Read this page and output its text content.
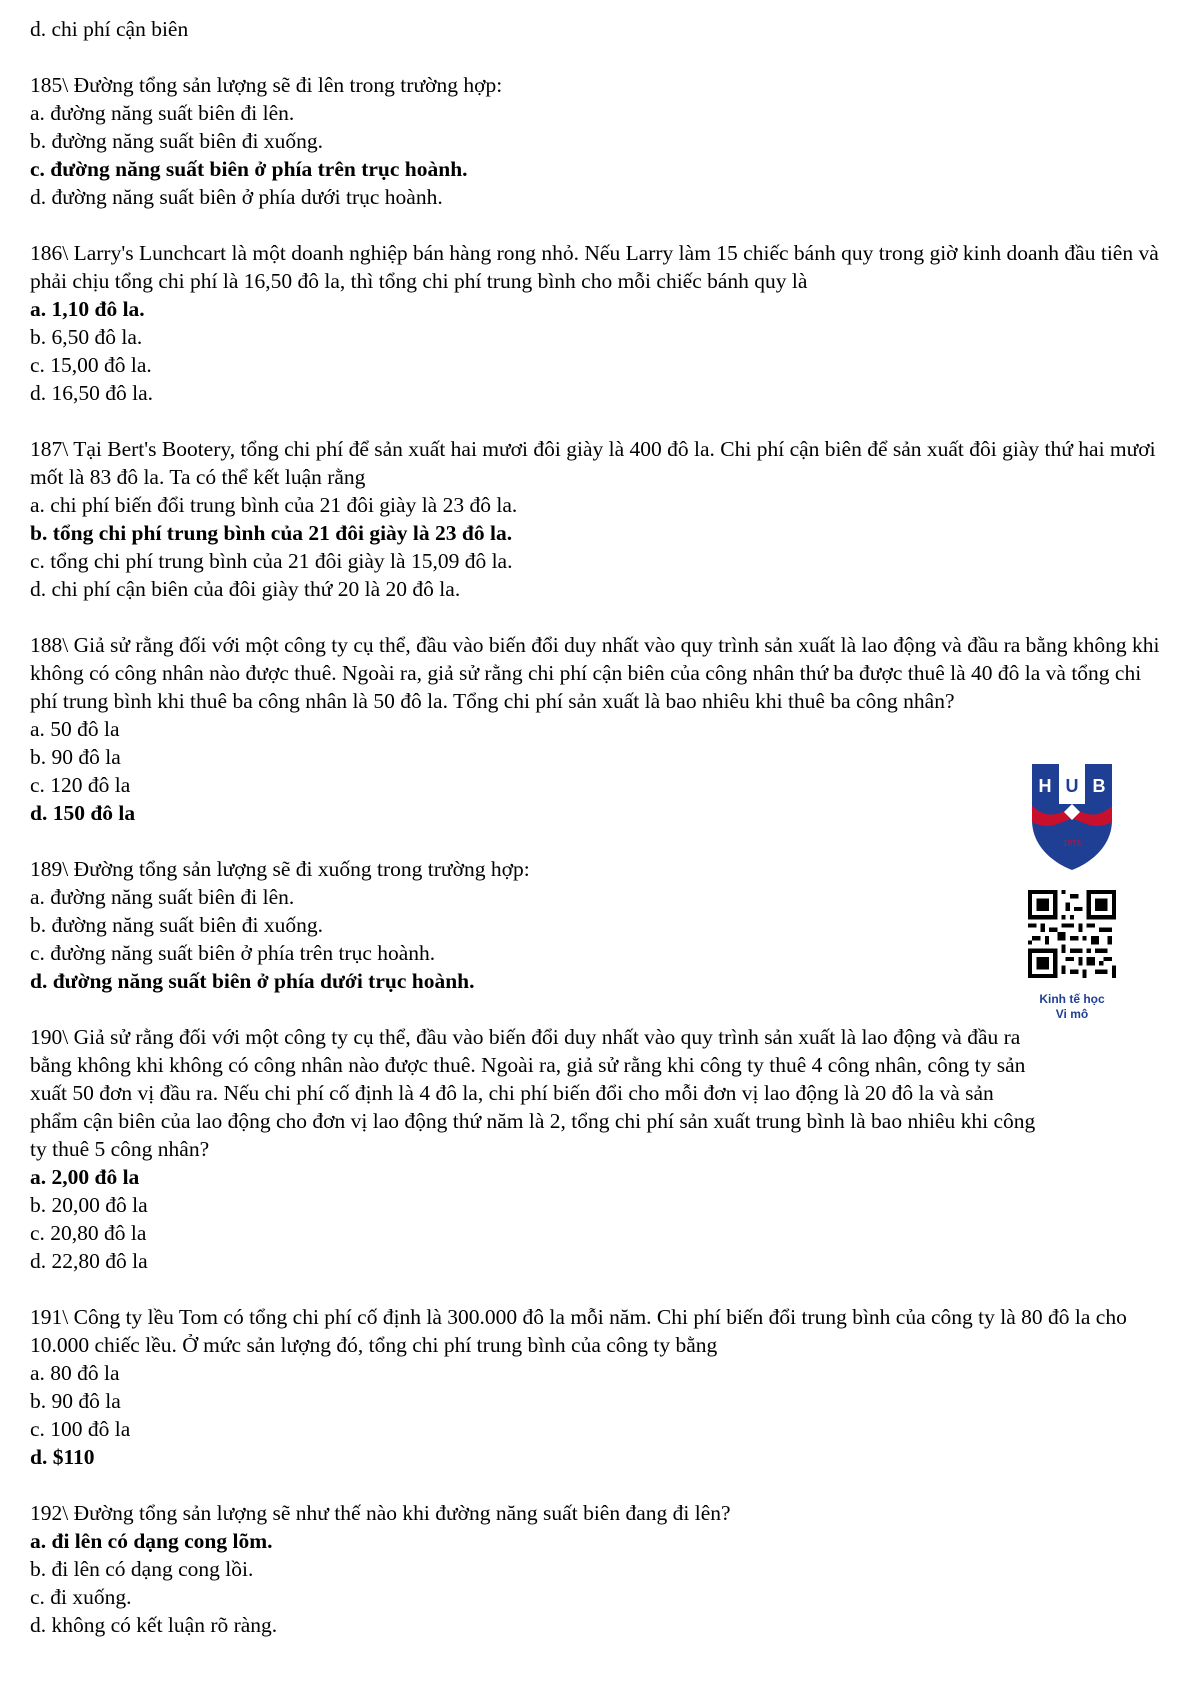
d. chi phí cận biên
185\ Đường tổng sản lượng sẽ đi lên trong trường hợp:
a. đường năng suất biên đi lên.
b. đường năng suất biên đi xuống.
c. đường năng suất biên ở phía trên trục hoành.
d. đường năng suất biên ở phía dưới trục hoành.
186\ Larry's Lunchcart là một doanh nghiệp bán hàng rong nhỏ. Nếu Larry làm 15 chiếc bánh quy trong giờ kinh doanh đầu tiên và phải chịu tổng chi phí là 16,50 đô la, thì tổng chi phí trung bình cho mỗi chiếc bánh quy là
a. 1,10 đô la.
b. 6,50 đô la.
c. 15,00 đô la.
d. 16,50 đô la.
187\ Tại Bert's Bootery, tổng chi phí để sản xuất hai mươi đôi giày là 400 đô la. Chi phí cận biên để sản xuất đôi giày thứ hai mươi mốt là 83 đô la. Ta có thể kết luận rằng
a. chi phí biến đổi trung bình của 21 đôi giày là 23 đô la.
b. tổng chi phí trung bình của 21 đôi giày là 23 đô la.
c. tổng chi phí trung bình của 21 đôi giày là 15,09 đô la.
d. chi phí cận biên của đôi giày thứ 20 là 20 đô la.
188\ Giả sử rằng đối với một công ty cụ thể, đầu vào biến đổi duy nhất vào quy trình sản xuất là lao động và đầu ra bằng không khi không có công nhân nào được thuê. Ngoài ra, giả sử rằng chi phí cận biên của công nhân thứ ba được thuê là 40 đô la và tổng chi phí trung bình khi thuê ba công nhân là 50 đô la. Tổng chi phí sản xuất là bao nhiêu khi thuê ba công nhân?
a. 50 đô la
b. 90 đô la
c. 120 đô la
d. 150 đô la
189\ Đường tổng sản lượng sẽ đi xuống trong trường hợp:
a. đường năng suất biên đi lên.
b. đường năng suất biên đi xuống.
c. đường năng suất biên ở phía trên trục hoành.
d. đường năng suất biên ở phía dưới trục hoành.
190\ Giả sử rằng đối với một công ty cụ thể, đầu vào biến đổi duy nhất vào quy trình sản xuất là lao động và đầu ra bằng không khi không có công nhân nào được thuê. Ngoài ra, giả sử rằng khi công ty thuê 4 công nhân, công ty sản xuất 50 đơn vị đầu ra. Nếu chi phí cố định là 4 đô la, chi phí biến đổi cho mỗi đơn vị lao động là 20 đô la và sản phẩm cận biên của lao động cho đơn vị lao động thứ năm là 2, tổng chi phí sản xuất trung bình là bao nhiêu khi công ty thuê 5 công nhân?
a. 2,00 đô la
b. 20,00 đô la
c. 20,80 đô la
d. 22,80 đô la
191\ Công ty lều Tom có tổng chi phí cố định là 300.000 đô la mỗi năm. Chi phí biến đổi trung bình của công ty là 80 đô la cho 10.000 chiếc lều. Ở mức sản lượng đó, tổng chi phí trung bình của công ty bằng
a. 80 đô la
b. 90 đô la
c. 100 đô la
d. $110
192\ Đường tổng sản lượng sẽ như thế nào khi đường năng suất biên đang đi lên?
a. đi lên có dạng cong lõm.
b. đi lên có dạng cong lồi.
c. đi xuống.
d. không có kết luận rõ ràng.
H U B
1976
Kinh tế học
Vi mô
